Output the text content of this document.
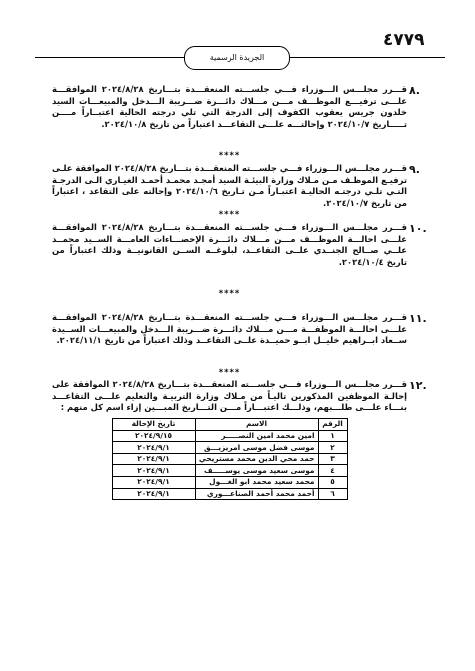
٤٧٧٩
الجريدة الرسمية
٨.
قـــرر مجلـــس الـــوزراء فـــي جلســـته المنعقـــدة بتـــاريخ ٢٠٢٤/٨/٢٨ الموافقـــة علـــى ترفيـــع الموظـــف مـــن مـــلاك دائـــرة ضـــريبة الـــدخل والمبيعـــات السيد خلدون جريس يعقوب الكفوف إلى الدرجة التي تلي درجته الحالية اعتبــاراً مــــن تـــــاريخ ٢٠٢٤/١٠/٧ وإحالتـــه علـــى التقاعـــد اعتباراً من تاريخ ٢٠٢٤/١٠/٨.
****
٩.
قـــرر مجلـــس الـــوزراء فـــي جلســـته المنعقـــدة بتـــاريخ ٢٠٢٤/٨/٢٨ الموافقة علـى ترفيـع الموظـف مـن مـلاك وزارة البيئـة السيد أمجـد محمـد أحمـد الغيـاري الـى الدرجـة التـي تلـي درجتـه الحاليـة اعتبـاراً مـن تـاريخ ٢٠٢٤/١٠/٦ وإحالته على التقاعد ، اعتباراً من تاريخ ٢٠٢٤/١٠/٧.
****
١٠.
قـــرر مجلـــس الـــوزراء فـــي جلســـته المنعقـــدة بتـــاريخ ٢٠٢٤/٨/٢٨ الموافقـــة علـــى احالـــة الموظـــف مـــن مـــلاك دائـــرة الإحصـــاءات العامـــة الســيد محمــد علــي صــالح الجنــدي علــى التقاعــد، لبلوغــه الســن القانونيــة وذلك اعتباراً من تاريخ ٢٠٢٤/١٠/٤.
****
١١.
قـــرر مجلـــس الـــوزراء فـــي جلســـته المنعقـــدة بتـــاريخ ٢٠٢٤/٨/٢٨ الموافقـــة علـــى احالـــة الموظفـــة مـــن مـــلاك دائـــرة ضـــريبة الـــدخل والمبيعـــات الســيدة ســعاد ابــراهيم خليــل ابــو حميــدة علــى التقاعــد وذلك اعتباراً من تاريخ ٢٠٢٤/١١/١.
****
١٢.
قـــرر مجلـــس الـــوزراء فـــي جلســـته المنعقـــدة بتـــاريخ ٢٠٢٤/٨/٢٨ الموافقة على إحالـة الموظفين المذكورين تاليـاً من مـلاك وزارة التربيـة والتعليم علـــى التقاعـــد بنـــاء علـــى طلـــبهم، وذلـــك اعتبـــاراً مـــن التـــاريخ المبـــين إزاء اسم كل منهم :
الرقم	الاسم	تاريخ الإحالة
١	امين محمد امين النصـــــر	٢٠٢٤/٩/١٥
٢	موسى فضل موسى امريزيـــق	٢٠٢٤/٩/١
٣	حمد محي الدين محمد مستريحي	٢٠٢٤/٩/١
٤	موسى سعيد موسى يوســـــف	٢٠٢٤/٩/١
٥	محمد سعيد محمد ابو الغـــول	٢٠٢٤/٩/١
٦	أحمد محمد أحمد الصناعـــوري	٢٠٢٤/٩/١
